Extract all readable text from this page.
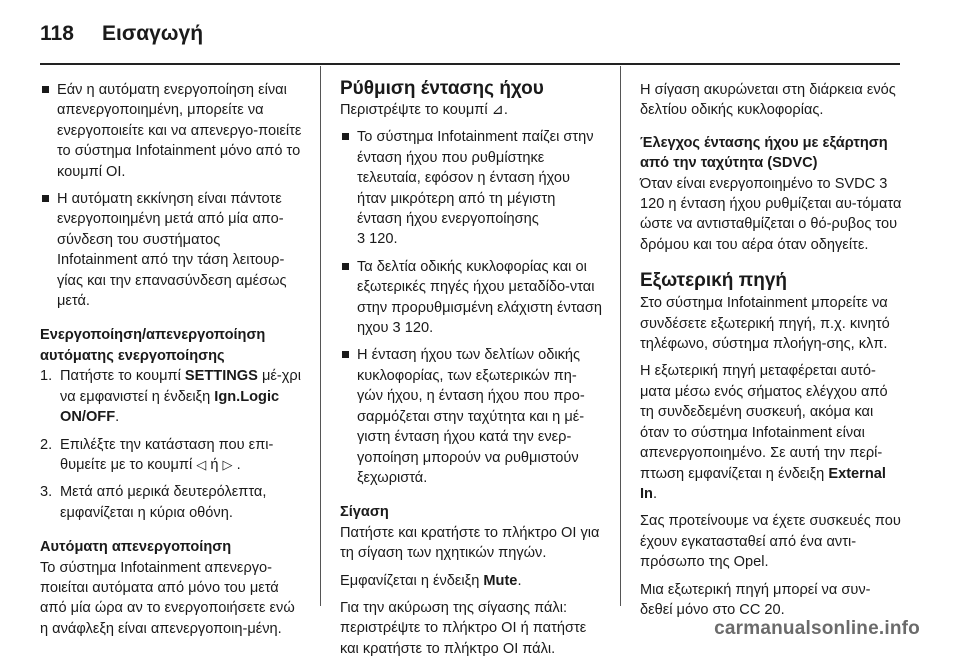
118	Εισαγωγή

Εάν η αυτόματη ενεργοποίηση είναι απενεργοποιημένη, μπορείτε να ενεργοποιείτε και να απενεργο-ποιείτε το σύστημα Infotainment μόνο από το κουμπί OI.

Η αυτόματη εκκίνηση είναι πάντοτε ενεργοποιημένη μετά από μία απο-σύνδεση του συστήματος Infotainment από την τάση λειτουρ-γίας και την επανασύνδεση αμέσως μετά.

Ενεργοποίηση/απενεργοποίηση αυτόματης ενεργοποίησης

1. Πατήστε το κουμπί SETTINGS μέ-χρι να εμφανιστεί η ένδειξη Ign.Logic ON/OFF.
2. Επιλέξτε την κατάσταση που επι-θυμείτε με το κουμπί ◁ ή ▷ .
3. Μετά από μερικά δευτερόλεπτα, εμφανίζεται η κύρια οθόνη.

Αυτόματη απενεργοποίηση

Το σύστημα Infotainment απενεργο-ποιείται αυτόματα από μόνο του μετά από μία ώρα αν το ενεργοποιήσετε ενώ η ανάφλεξη είναι απενεργοποιη-μένη.

Ρύθμιση έντασης ήχου

Περιστρέψτε το κουμπί ⊿.

Το σύστημα Infotainment παίζει στην ένταση ήχου που ρυθμίστηκε τελευταία, εφόσον η ένταση ήχου ήταν μικρότερη από τη μέγιστη ένταση ήχου ενεργοποίησης
3 120.
Τα δελτία οδικής κυκλοφορίας και οι εξωτερικές πηγές ήχου μεταδίδο-νται στην προρυθμισμένη ελάχιστη ένταση ηχου 3 120.

Η ένταση ήχου των δελτίων οδικής κυκλοφορίας, των εξωτερικών πη-γών ήχου, η ένταση ήχου που προ-σαρμόζεται στην ταχύτητα και η μέ-γιστη ένταση ήχου κατά την ενερ-γοποίηση μπορούν να ρυθμιστούν ξεχωριστά.

Σίγαση

Πατήστε και κρατήστε το πλήκτρο OI για τη σίγαση των ηχητικών πηγών.

Εμφανίζεται η ένδειξη Mute.

Για την ακύρωση της σίγασης πάλι: περιστρέψτε το πλήκτρο OI ή πατήστε και κρατήστε το πλήκτρο OI πάλι.

Η σίγαση ακυρώνεται στη διάρκεια ενός δελτίου οδικής κυκλοφορίας.

Έλεγχος έντασης ήχου με εξάρτηση από την ταχύτητα (SDVC)

Όταν είναι ενεργοποιημένο το SVDC 3 120 η ένταση ήχου ρυθμίζεται αυ-τόματα ώστε να αντισταθμίζεται ο θό-ρυβος του δρόμου και του αέρα όταν οδηγείτε.

Εξωτερική πηγή

Στο σύστημα Infotainment μπορείτε να συνδέσετε εξωτερική πηγή, π.χ. κινητό τηλέφωνο, σύστημα πλοήγη-σης, κλπ.

Η εξωτερική πηγή μεταφέρεται αυτό-ματα μέσω ενός σήματος ελέγχου από τη συνδεδεμένη συσκευή, ακόμα και όταν το σύστημα Infotainment είναι απενεργοποιημένο. Σε αυτή την περί-πτωση εμφανίζεται η ένδειξη External In.

Σας προτείνουμε να έχετε συσκευές που έχουν εγκατασταθεί από ένα αντι-πρόσωπο της Opel.

Μια εξωτερική πηγή μπορεί να συν-δεθεί μόνο στο CC 20.

carmanualsonline.info
